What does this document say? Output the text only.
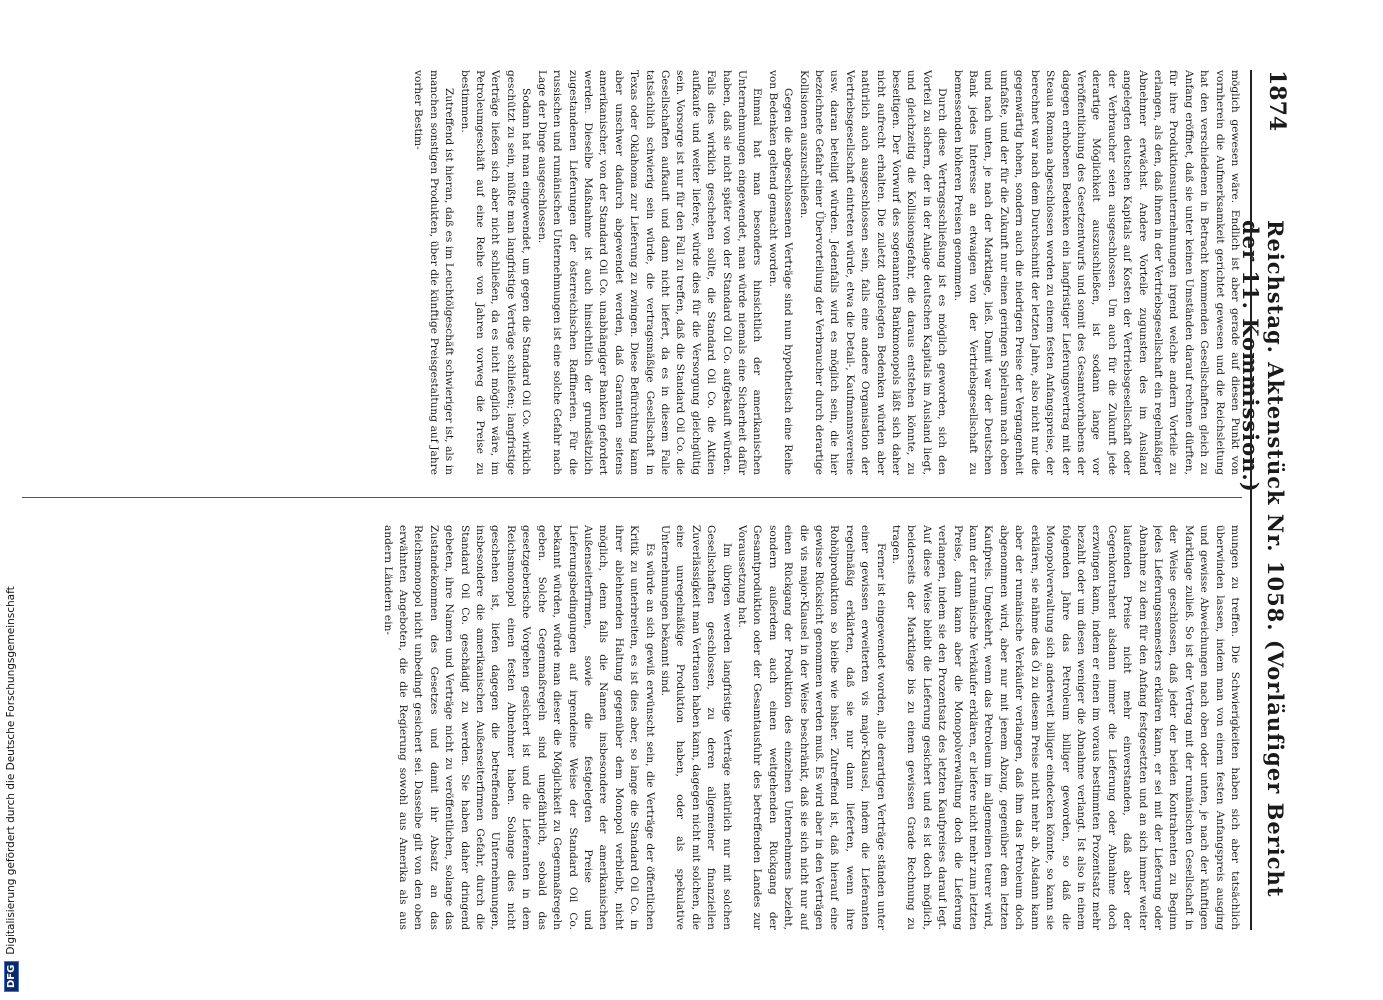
1874
Reichstag. Aktenstück Nr. 1058. (Vorläufiger Bericht der 11. Kommission.)

möglich gewesen wäre. Endlich ist aber gerade auf diesen Punkt von vornherein die Aufmerksamkeit gerichtet gewesen und die Reichsleitung hat den verschiedenen in Betracht kommenden Gesellschaften gleich zu Anfang eröffnet, daß sie unter keinen Umständen darauf rechnen dürften, für ihre Produktionsunternehmungen irgend welche andern Vorteile zu erlangen, als den, daß ihnen in der Vertriebsgesellschaft ein regelmäßiger Abnehmer erwächst. Andere Vorteile zugunsten des im Ausland angelegten deutschen Kapitals auf Kosten der Vertriebsgesellschaft oder der Verbraucher seien ausgeschlossen. Um auch für die Zukunft jede derartige Möglichkeit auszuschließen, ist sodann lange vor Veröffentlichung des Gesetzentwurfs und somit des Gesamtvorhabens der dagegen erhobenen Bedenken ein langfristiger Lieferungsvertrag mit der Steaua Romana abgeschlossen worden zu einem festen Anfangspreise, der berechnet war nach dem Durchschnitt der letzten Jahre, also nicht nur die gegenwärtig hohen, sondern auch die niedrigen Preise der Vergangenheit umfaßte, und der für die Zukunft nur einen geringen Spielraum nach oben und nach unten, je nach der Marktlage, ließ. Damit war der Deutschen Bank jedes Interesse an etwaigen von der Vertriebsgesellschaft zu bemessenden höheren Preisen genommen.

Durch diese Vertragsschließung ist es möglich geworden, sich den Vorteil zu sichern, der in der Anlage deutschen Kapitals im Ausland liegt, und gleichzeitig die Kollisionsgefahr, die daraus entstehen könnte, zu beseitigen. Der Vorwurf des sogenannten Bankmonopols läßt sich daher nicht aufrecht erhalten. Die zuletzt dargelegten Bedenken würden aber natürlich auch ausgeschlossen sein, falls eine andere Organisation der Vertriebsgesellschaft eintreten würde, etwa die Detail-, Kaufmannsvereine usw. daran beteiligt würden. Jedenfalls wird es möglich sein, die hier bezeichnete Gefahr einer Übervorteilung der Verbraucher durch derartige Kollisionen auszuschließen.

Gegen die abgeschlossenen Verträge sind nun hypothetisch eine Reihe von Bedenken geltend gemacht worden.

Einmal hat man besonders hinsichtlich der amerikanischen Unternehmungen eingewendet, man würde niemals eine Sicherheit dafür haben, daß sie nicht später von der Standard Oil Co. aufgekauft würden. Falls dies wirklich geschehen sollte, die Standard Oil Co. die Aktien aufkaufe und weiter liefere, würde dies für die Versorgung gleichgültig sein. Vorsorge ist nur für den Fall zu treffen, daß die Standard Oil Co. die Gesellschaften aufkauft und dann nicht liefert, da es in diesem Falle tatsächlich schwierig sein würde, die vertragsmäßige Gesellschaft in Texas oder Oklahoma zur Lieferung zu zwingen. Diese Befürchtung kann aber unschwer dadurch abgewendet werden, daß Garantien seitens amerikanischer, von der Standard Oil Co. unabhängiger Banken gefordert werden. Dieselbe Maßnahme ist auch hinsichtlich der grundsätzlich zugestandenen Lieferungen der österreichischen Raffinerien. Für die russischen und rumänischen Unternehmungen ist eine solche Gefahr nach Lage der Dinge ausgeschlossen.

Sodann hat man eingewendet, um gegen die Standard Oil Co. wirklich geschützt zu sein, müßte man langfristige Verträge schließen; langfristige Verträge ließen sich aber nicht schließen, da es nicht möglich wäre, im Petroleumgeschäft auf eine Reihe von Jahren vorweg die Preise zu bestimmen.

Zutreffend ist hieran, daß es im Leuchtölgeschäft schwieriger ist, als in manchen sonstigen Produkten, über die künftige Preisgestaltung auf Jahre vorher Bestim-

mungen zu treffen. Die Schwierigkeiten haben sich aber tatsächlich überwinden lassen, indem man von einem festen Anfangspreis ausging und gewisse Abweichungen nach oben oder unten, je nach der künftigen Marktlage zuließ. So ist der Vertrag mit der rumänischen Gesellschaft in der Weise geschlossen, daß jeder der beiden Kontrahenten zu Beginn jedes Lieferungssemesters erklären kann, er sei mit der Lieferung oder Abnahme zu dem für den Anfang festgesetzten und an sich immer weiter laufenden Preise nicht mehr einverstanden, daß aber der Gegenkontrahent alsdann immer die Lieferung oder Abnahme doch erzwingen kann, indem er einen im voraus bestimmten Prozentsatz mehr bezahlt oder um diesen weniger die Abnahme verlangt. Ist also in einem folgenden Jahre das Petroleum billiger geworden, so daß die Monopolverwaltung sich anderweit billiger eindecken könnte, so kann sie erklären, sie nähme das Öl zu diesem Preise nicht mehr ab. Alsdann kann aber der rumänische Verkäufer verlangen, daß ihm das Petroleum doch abgenommen wird, aber nur mit jenem Abzug, gegenüber dem letzten Kaufpreis. Umgekehrt, wenn das Petroleum im allgemeinen teurer wird, kann der rumänische Verkäufer erklären, er liefere nicht mehr zum letzten Preise, dann kann aber die Monopolverwaltung doch die Lieferung verlangen, indem sie den Prozentsatz des letzten Kaufpreises darauf legt. Auf diese Weise bleibt die Lieferung gesichert und es ist doch möglich, beiderseits der Marktlage bis zu einem gewissen Grade Rechnung zu tragen.

Ferner ist eingewendet worden, alle derartigen Verträge ständen unter einer gewissen erweiterten vis major-Klausel, indem die Lieferanten regelmäßig erklärten, daß sie nur dann lieferten, wenn ihre Rohölproduktion so bleibe wie bisher. Zutreffend ist, daß hierauf eine gewisse Rücksicht genommen werden muß. Es wird aber in den Verträgen die vis major-Klausel in der Weise beschränkt, daß sie sich nicht nur auf einen Rückgang der Produktion des einzelnen Unternehmens bezieht, sondern außerdem auch einen weitgehenden Rückgang der Gesamtproduktion oder der Gesamtausfuhr des betreffenden Landes zur Voraussetzung hat.

Im übrigen werden langfristige Verträge natürlich nur mit solchen Gesellschaften geschlossen, zu deren allgemeiner finanziellen Zuverlässigkeit man Vertrauen haben kann, dagegen nicht mit solchen, die eine unregelmäßige Produktion haben, oder als spekulative Unternehmungen bekannt sind.

Es würde an sich gewiß erwünscht sein, die Verträge der öffentlichen Kritik zu unterbreiten, es ist dies aber, so lange die Standard Oil Co. in ihrer ablehnenden Haltung gegenüber dem Monopol verbleibt, nicht möglich, denn falls die Namen insbesondere der amerikanischen Außenseiterfirmen, sowie die festgelegten Preise und Lieferungsbedingungen auf irgendeine Weise der Standard Oil Co. bekannt würden, würde man dieser die Möglichkeit zu Gegenmaßregeln geben. Solche Gegenmaßregeln sind ungefährlich, sobald das gesetzgeberische Vorgehen gesichert ist und die Lieferanten in dem Reichsmonopol einen festen Abnehmer haben. Solange dies nicht geschehen ist, liefen dagegen die betreffenden Unternehmungen, insbesondere die amerikanischen Außenseiterfirmen Gefahr, durch die Standard Oil Co. geschädigt zu werden. Sie haben daher dringend gebeten, ihre Namen und Verträge nicht zu veröffentlichen, solange das Zustandekommen des Gesetzes und damit ihr Absatz an das Reichsmonopol nicht unbedingt gesichert sei. Dasselbe gilt von den oben erwähnten Angeboten, die die Regierung sowohl aus Amerika als aus andern Ländern ein-

DFG
Digitalisierung gefördert durch die Deutsche Forschungsgemeinschaft
